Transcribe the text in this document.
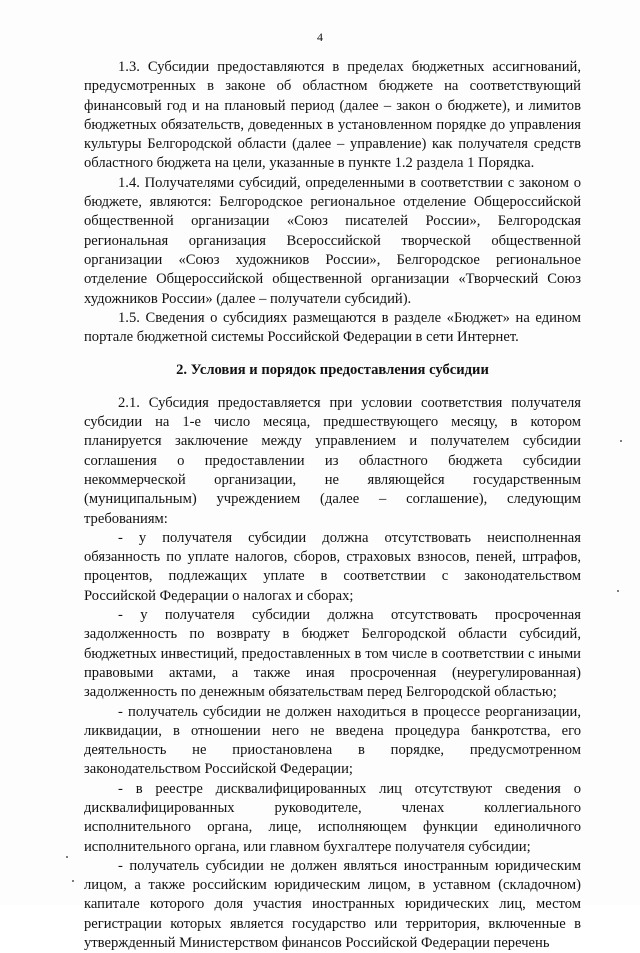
4

1.3. Субсидии предоставляются в пределах бюджетных ассигнований, предусмотренных в законе об областном бюджете на соответствующий финансовый год и на плановый период (далее – закон о бюджете), и лимитов бюджетных обязательств, доведенных в установленном порядке до управления культуры Белгородской области (далее – управление) как получателя средств областного бюджета на цели, указанные в пункте 1.2 раздела 1 Порядка.

1.4. Получателями субсидий, определенными в соответствии с законом о бюджете, являются: Белгородское региональное отделение Общероссийской общественной организации «Союз писателей России», Белгородская региональная организация Всероссийской творческой общественной организации «Союз художников России», Белгородское региональное отделение Общероссийской общественной организации «Творческий Союз художников России» (далее – получатели субсидий).

1.5. Сведения о субсидиях размещаются в разделе «Бюджет» на едином портале бюджетной системы Российской Федерации в сети Интернет.

2. Условия и порядок предоставления субсидии

2.1. Субсидия предоставляется при условии соответствия получателя субсидии на 1-е число месяца, предшествующего месяцу, в котором планируется заключение между управлением и получателем субсидии соглашения о предоставлении из областного бюджета субсидии некоммерческой организации, не являющейся государственным (муниципальным) учреждением (далее – соглашение), следующим требованиям:

- у получателя субсидии должна отсутствовать неисполненная обязанность по уплате налогов, сборов, страховых взносов, пеней, штрафов, процентов, подлежащих уплате в соответствии с законодательством Российской Федерации о налогах и сборах;

- у получателя субсидии должна отсутствовать просроченная задолженность по возврату в бюджет Белгородской области субсидий, бюджетных инвестиций, предоставленных в том числе в соответствии с иными правовыми актами, а также иная просроченная (неурегулированная) задолженность по денежным обязательствам перед Белгородской областью;

- получатель субсидии не должен находиться в процессе реорганизации, ликвидации, в отношении него не введена процедура банкротства, его деятельность не приостановлена в порядке, предусмотренном законодательством Российской Федерации;

- в реестре дисквалифицированных лиц отсутствуют сведения о дисквалифицированных руководителе, членах коллегиального исполнительного органа, лице, исполняющем функции единоличного исполнительного органа, или главном бухгалтере получателя субсидии;

- получатель субсидии не должен являться иностранным юридическим лицом, а также российским юридическим лицом, в уставном (складочном) капитале которого доля участия иностранных юридических лиц, местом регистрации которых является государство или территория, включенные в утвержденный Министерством финансов Российской Федерации перечень
